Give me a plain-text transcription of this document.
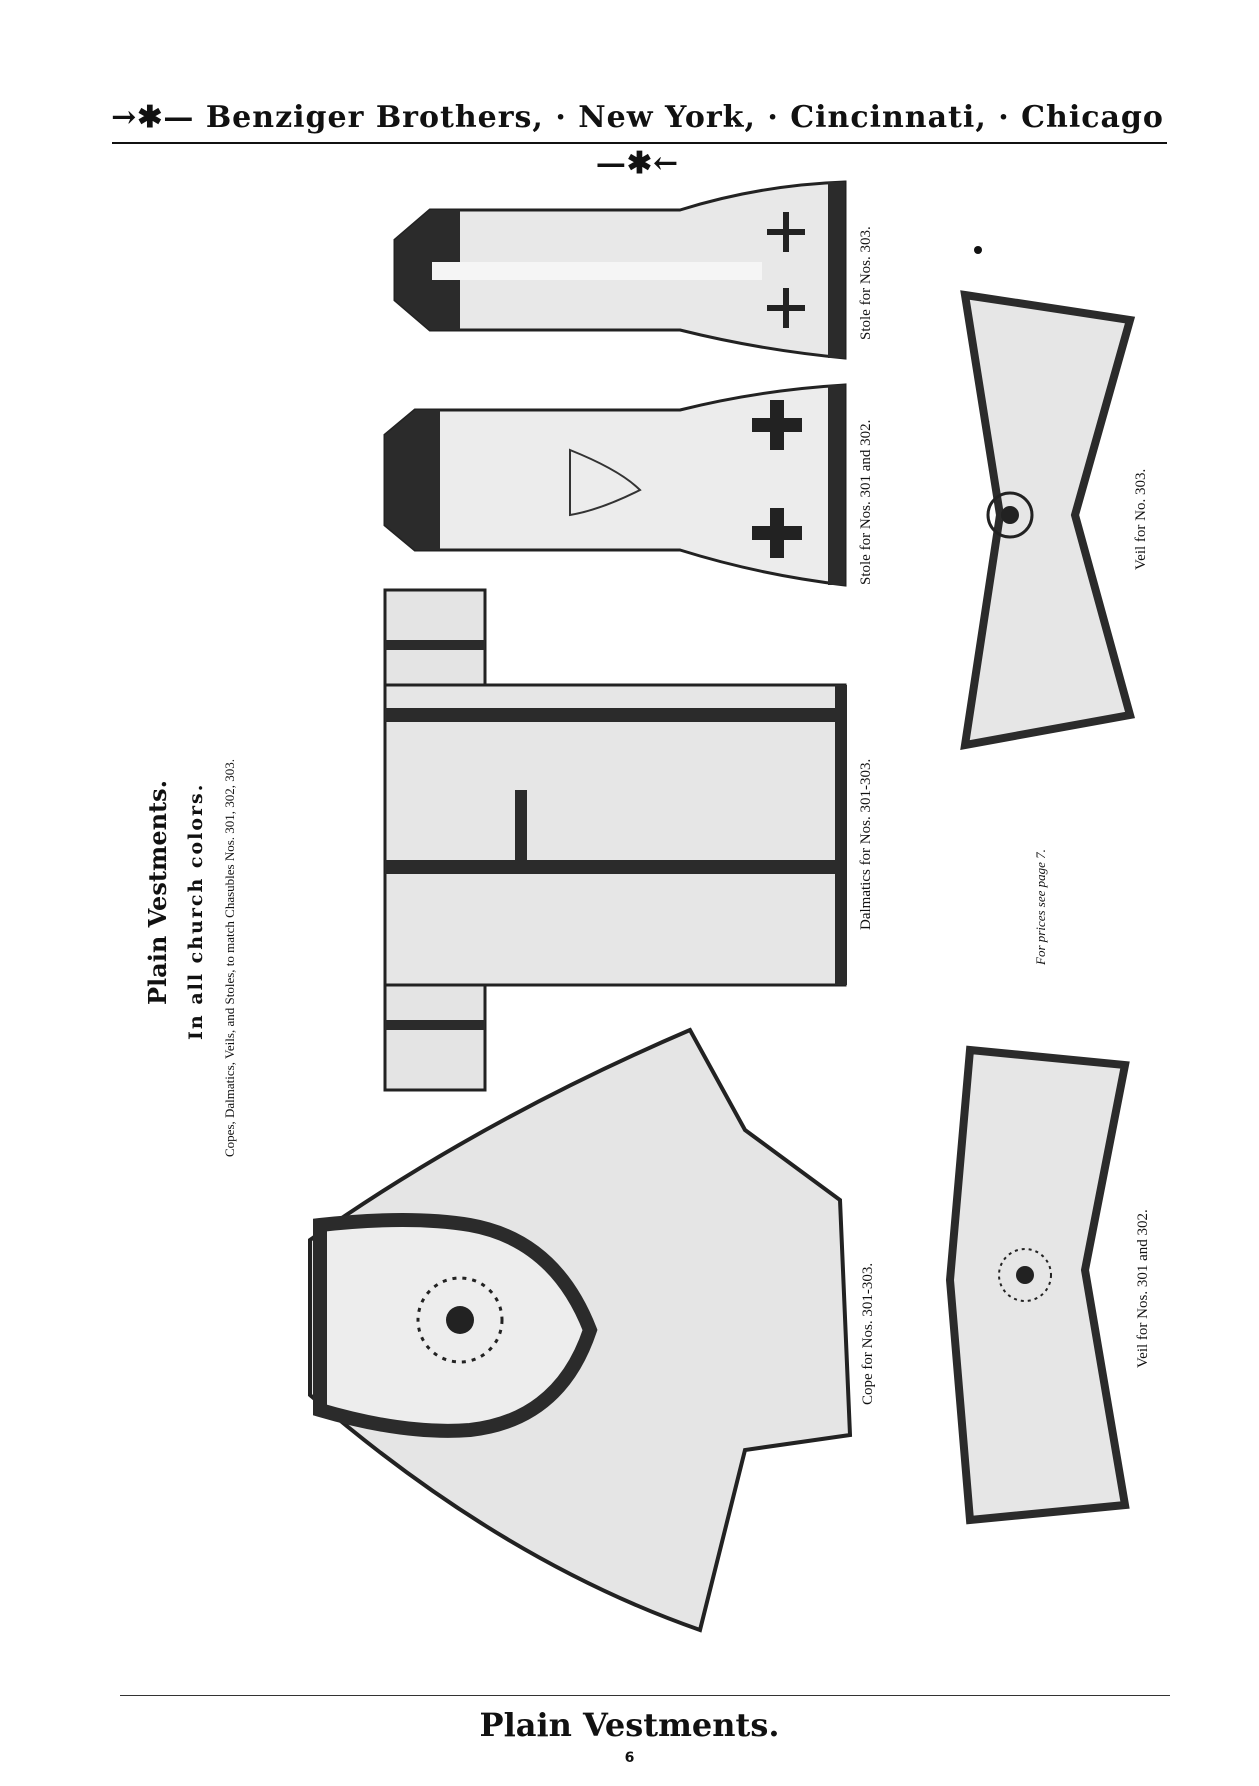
→✱— Benziger Brothers, · New York, · Cincinnati, · Chicago —✱←
Plain Vestments. In all church colors. Copes, Dalmatics, Veils, and Stoles, to match Chasubles Nos. 301, 302, 303.
Stole for Nos. 303.
Stole for Nos. 301 and 302.
Dalmatics for Nos. 301-303.
Cope for Nos. 301-303.
For prices see page 7.
Veil for No. 303.
Veil for Nos. 301 and 302.
Plain Vestments.
6
